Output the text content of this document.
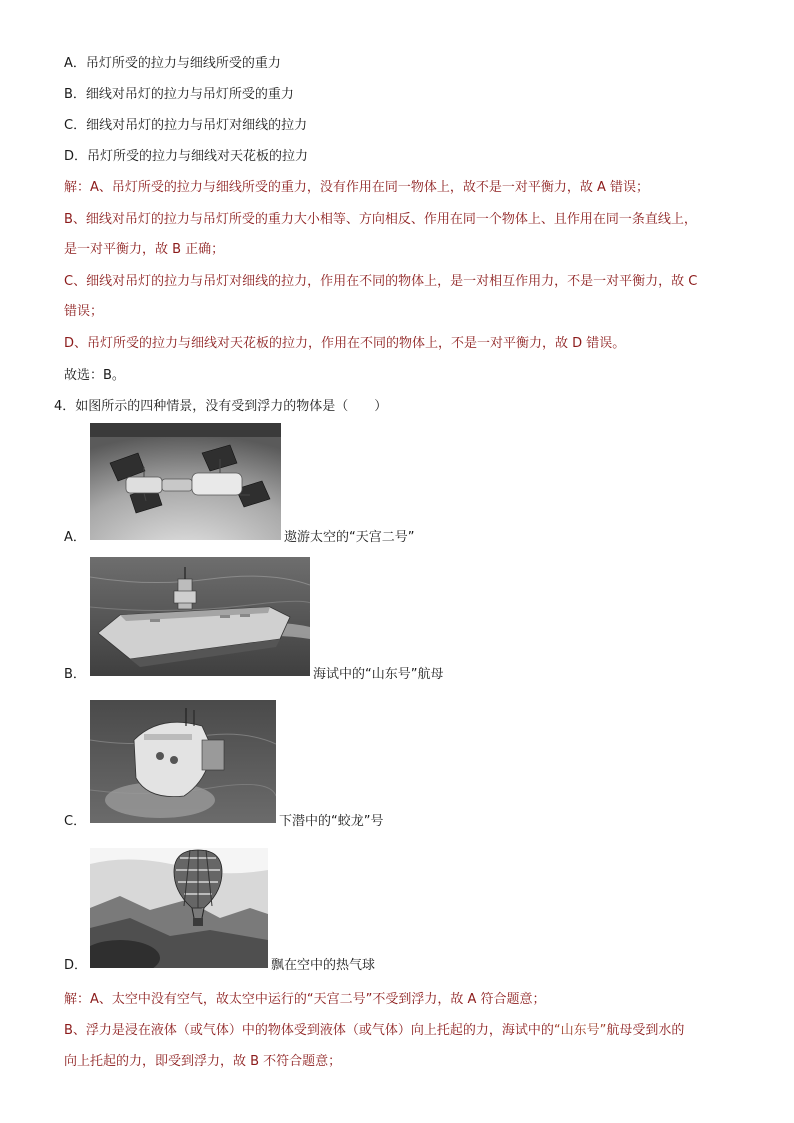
A．吊灯所受的拉力与细线所受的重力
B．细线对吊灯的拉力与吊灯所受的重力
C．细线对吊灯的拉力与吊灯对细线的拉力
D．吊灯所受的拉力与细线对天花板的拉力
解：A、吊灯所受的拉力与细线所受的重力，没有作用在同一物体上，故不是一对平衡力，故 A 错误；
B、细线对吊灯的拉力与吊灯所受的重力大小相等、方向相反、作用在同一个物体上、且作用在同一条直线上，
是一对平衡力，故 B 正确；
C、细线对吊灯的拉力与吊灯对细线的拉力，作用在不同的物体上，是一对相互作用力，不是一对平衡力，故 C
错误；
D、吊灯所受的拉力与细线对天花板的拉力，作用在不同的物体上，不是一对平衡力，故 D 错误。
故选：B。
4．如图所示的四种情景，没有受到浮力的物体是（　　）
A．	遨游太空的“天宫二号”
B．	海试中的“山东号”航母
C．	下潜中的“蛟龙”号
D．	飘在空中的热气球
解：A、太空中没有空气，故太空中运行的“天宫二号”不受到浮力，故 A 符合题意；
B、浮力是浸在液体（或气体）中的物体受到液体（或气体）向上托起的力，海试中的“山东号”航母受到水的
向上托起的力，即受到浮力，故 B 不符合题意；
